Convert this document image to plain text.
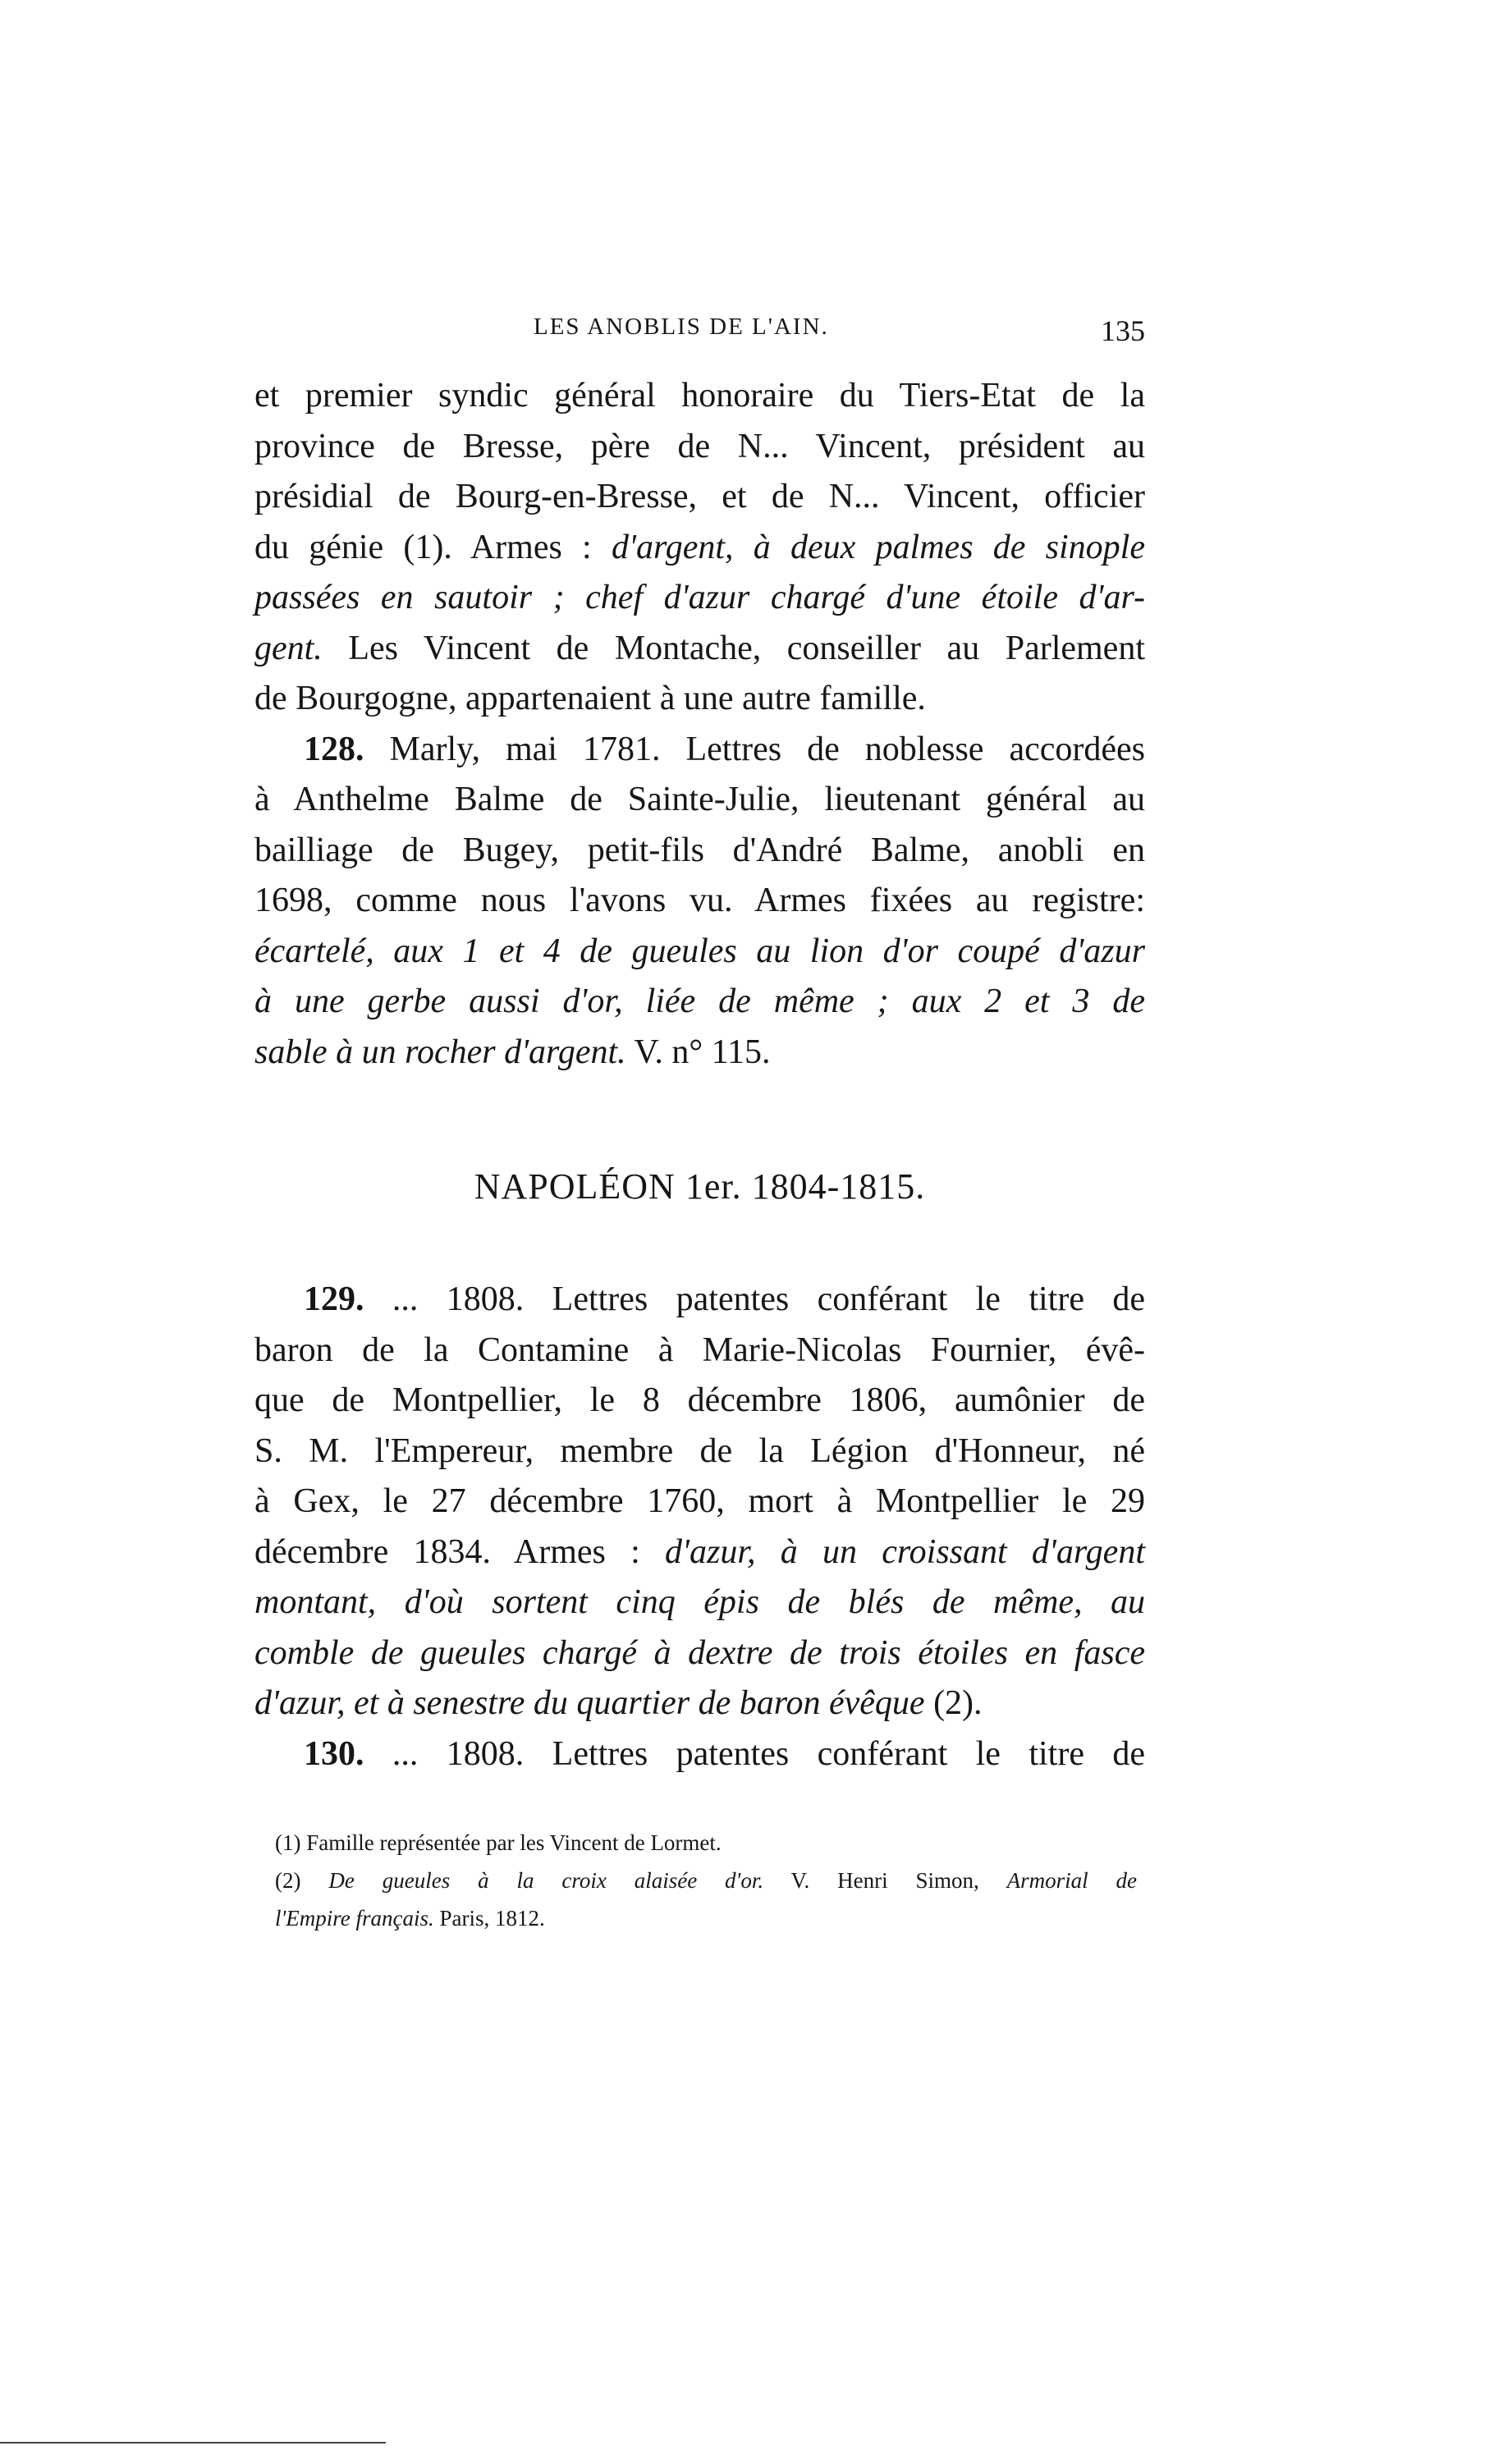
LES ANOBLIS DE L'AIN.	135
et premier syndic général honoraire du Tiers-Etat de la
province de Bresse, père de N... Vincent, président au
présidial de Bourg-en-Bresse, et de N... Vincent, officier
du génie (1). Armes : d'argent, à deux palmes de sinople
passées en sautoir ; chef d'azur chargé d'une étoile d'ar-
gent. Les Vincent de Montache, conseiller au Parlement
de Bourgogne, appartenaient à une autre famille.
128. Marly, mai 1781. Lettres de noblesse accordées
à Anthelme Balme de Sainte-Julie, lieutenant général au
bailliage de Bugey, petit-fils d'André Balme, anobli en
1698, comme nous l'avons vu. Armes fixées au registre:
écartelé, aux 1 et 4 de gueules au lion d'or coupé d'azur
à une gerbe aussi d'or, liée de même ; aux 2 et 3 de
sable à un rocher d'argent. V. n° 115.
NAPOLÉON 1er. 1804-1815.
129. ... 1808. Lettres patentes conférant le titre de
baron de la Contamine à Marie-Nicolas Fournier, évê-
que de Montpellier, le 8 décembre 1806, aumônier de
S. M. l'Empereur, membre de la Légion d'Honneur, né
à Gex, le 27 décembre 1760, mort à Montpellier le 29
décembre 1834. Armes : d'azur, à un croissant d'argent
montant, d'où sortent cinq épis de blés de même, au
comble de gueules chargé à dextre de trois étoiles en fasce
d'azur, et à senestre du quartier de baron évêque (2).
130. ... 1808. Lettres patentes conférant le titre de
(1) Famille représentée par les Vincent de Lormet.
(2) De gueules à la croix alaisée d'or. V. Henri Simon, Armorial de
l'Empire français. Paris, 1812.
